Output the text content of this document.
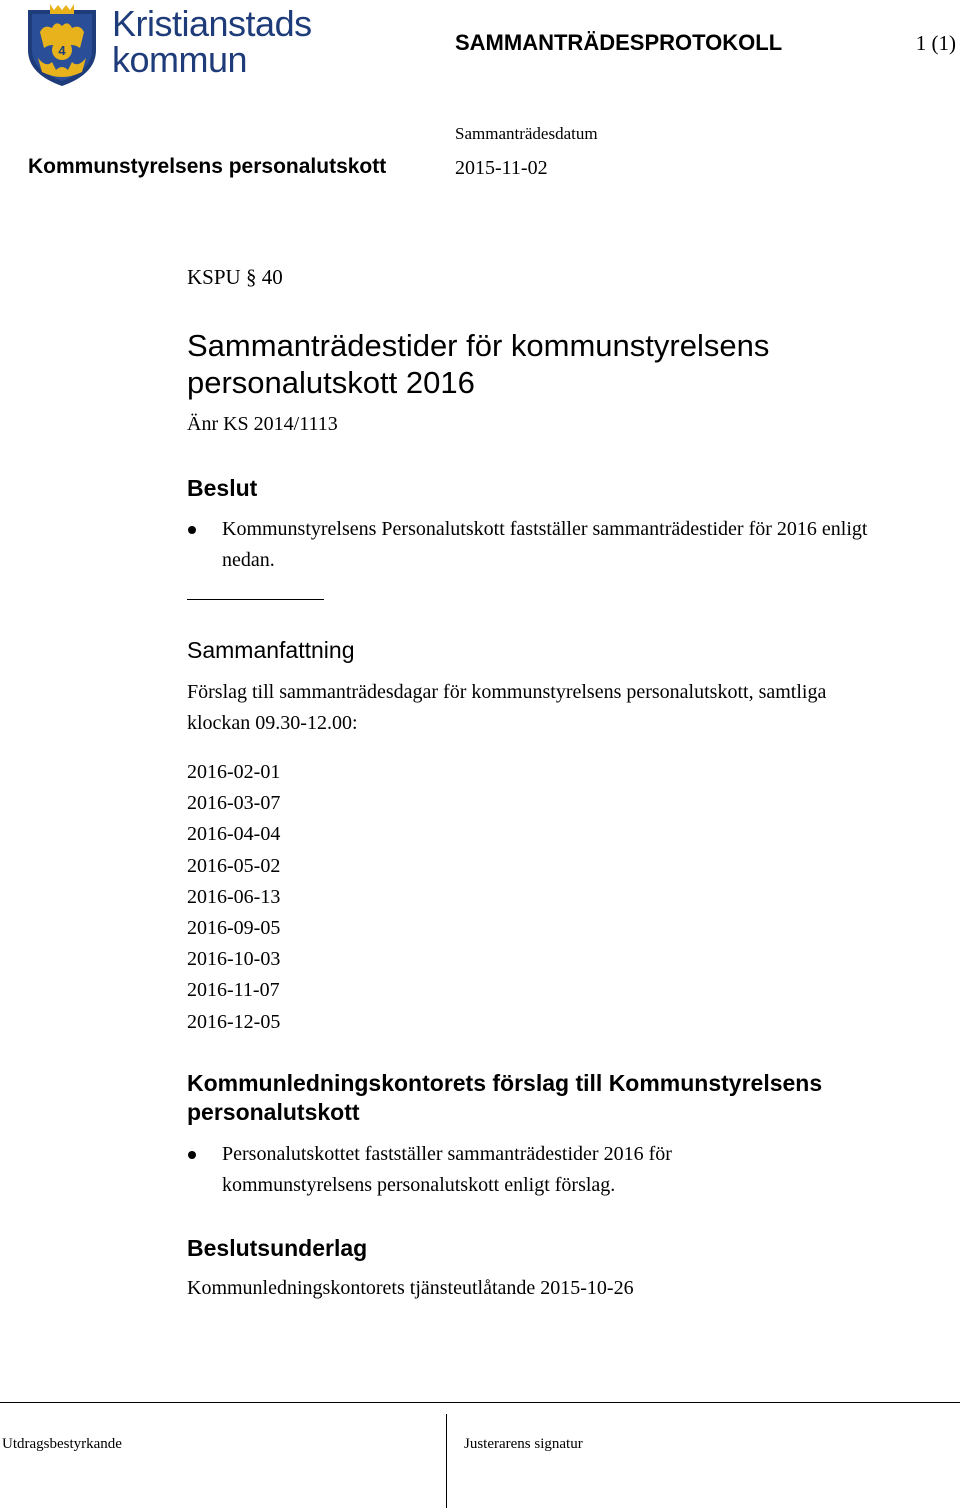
4
Kristianstads
kommun	SAMMANTRÄDESPROTOKOLL	1 (1)
Kommunstyrelsens personalutskott
Sammanträdesdatum
2015-11-02
KSPU § 40
Sammanträdestider för kommunstyrelsens personalutskott 2016
Änr KS 2014/1113
Beslut
Kommunstyrelsens Personalutskott fastställer sammanträdestider för 2016 enligt nedan.
Sammanfattning
Förslag till sammanträdesdagar för kommunstyrelsens personalutskott, samtliga klockan 09.30-12.00:
Kommunledningskontorets förslag till Kommunstyrelsens personalutskott
Personalutskottet fastställer sammanträdestider 2016 för kommunstyrelsens personalutskott enligt förslag.
Beslutsunderlag
Kommunledningskontorets tjänsteutlåtande 2015-10-26
2016-02-01
2016-03-07
2016-04-04
2016-05-02
2016-06-13
2016-09-05
2016-10-03
2016-11-07
2016-12-05
Utdragsbestyrkande	Justerarens signatur
